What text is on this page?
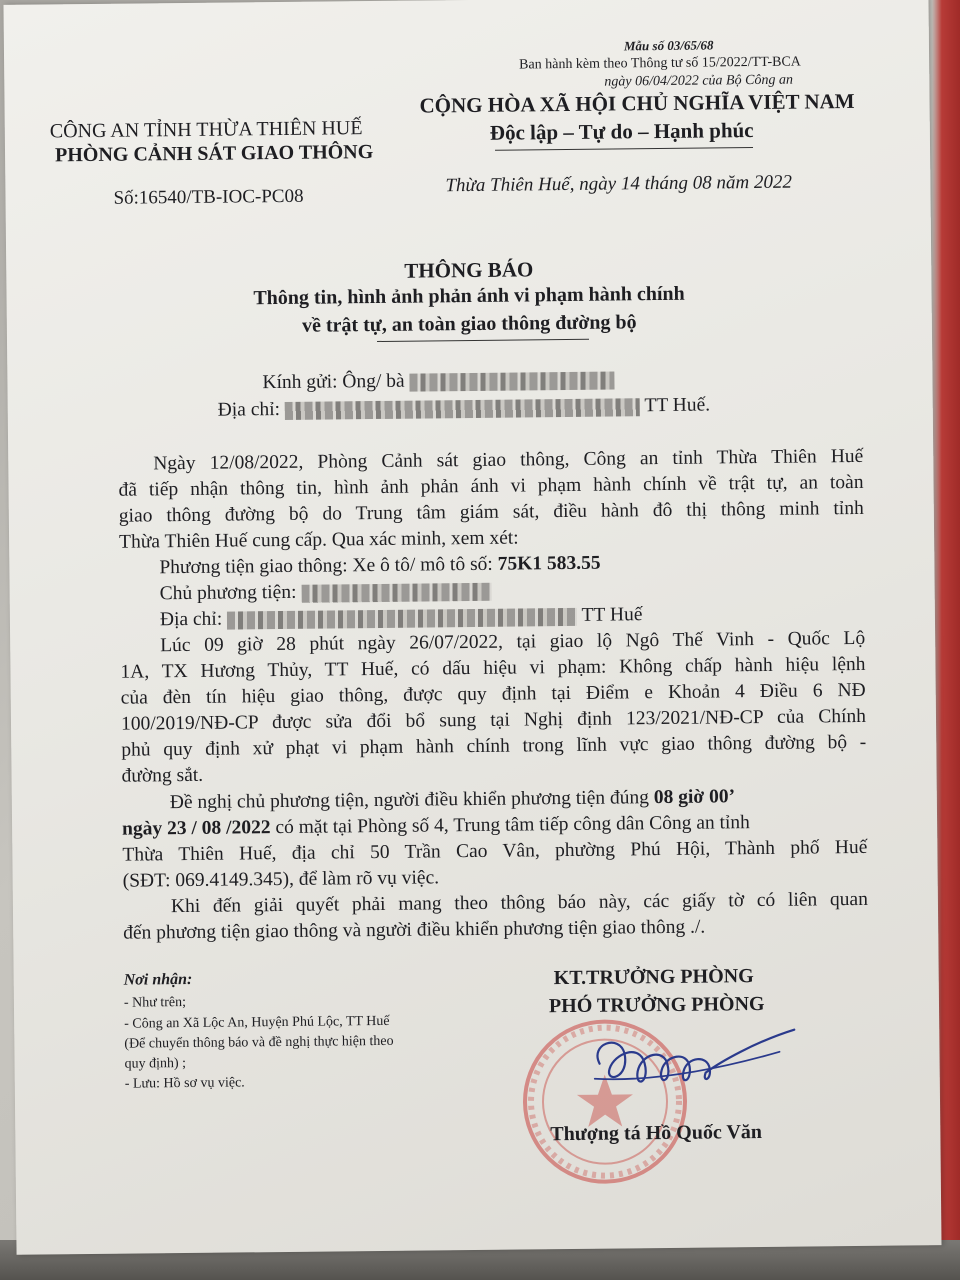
Mẫu số 03/65/68
Ban hành kèm theo Thông tư số 15/2022/TT-BCA
ngày 06/04/2022 của Bộ Công an
CÔNG AN TỈNH THỪA THIÊN HUẾ
PHÒNG CẢNH SÁT GIAO THÔNG
CỘNG HÒA XÃ HỘI CHỦ NGHĨA VIỆT NAM
Độc lập – Tự do – Hạnh phúc
Số:16540/TB-IOC-PC08
Thừa Thiên Huế, ngày 14 tháng 08 năm 2022
THÔNG BÁO
Thông tin, hình ảnh phản ánh vi phạm hành chính
về trật tự, an toàn giao thông đường bộ
Kính gửi: Ông/ bà
Địa chỉ:	TT Huế.
Ngày 12/08/2022, Phòng Cảnh sát giao thông, Công an tỉnh Thừa Thiên Huế
đã tiếp nhận thông tin, hình ảnh phản ánh vi phạm hành chính về trật tự, an toàn
giao thông đường bộ do Trung tâm giám sát, điều hành đô thị thông minh tỉnh
Thừa Thiên Huế cung cấp. Qua xác minh, xem xét:
Phương tiện giao thông: Xe ô tô/ mô tô số: 75K1 583.55
Chủ phương tiện:
Địa chỉ:	TT Huế
Lúc 09 giờ 28 phút ngày 26/07/2022, tại giao lộ Ngô Thế Vinh - Quốc Lộ
1A, TX Hương Thủy, TT Huế, có dấu hiệu vi phạm: Không chấp hành hiệu lệnh
của đèn tín hiệu giao thông, được quy định tại Điểm e Khoản 4 Điều 6 NĐ
100/2019/NĐ-CP được sửa đổi bổ sung tại Nghị định 123/2021/NĐ-CP của Chính
phủ quy định xử phạt vi phạm hành chính trong lĩnh vực giao thông đường bộ -
đường sắt.
Đề nghị chủ phương tiện, người điều khiển phương tiện đúng 08 giờ 00’
ngày 23 / 08 /2022 có mặt tại Phòng số 4, Trung tâm tiếp công dân Công an tỉnh
Thừa Thiên Huế, địa chỉ 50 Trần Cao Vân, phường Phú Hội, Thành phố Huế
(SĐT: 069.4149.345), để làm rõ vụ việc.
Khi đến giải quyết phải mang theo thông báo này, các giấy tờ có liên quan
đến phương tiện giao thông và người điều khiển phương tiện giao thông ./.
Nơi nhận:
- Như trên;
- Công an Xã Lộc An, Huyện Phú Lộc, TT Huế
(Để chuyển thông báo và đề nghị thực hiện theo
quy định) ;
- Lưu: Hồ sơ vụ việc.
KT.TRƯỞNG PHÒNG
PHÓ TRƯỞNG PHÒNG
Thượng tá Hồ Quốc Văn
